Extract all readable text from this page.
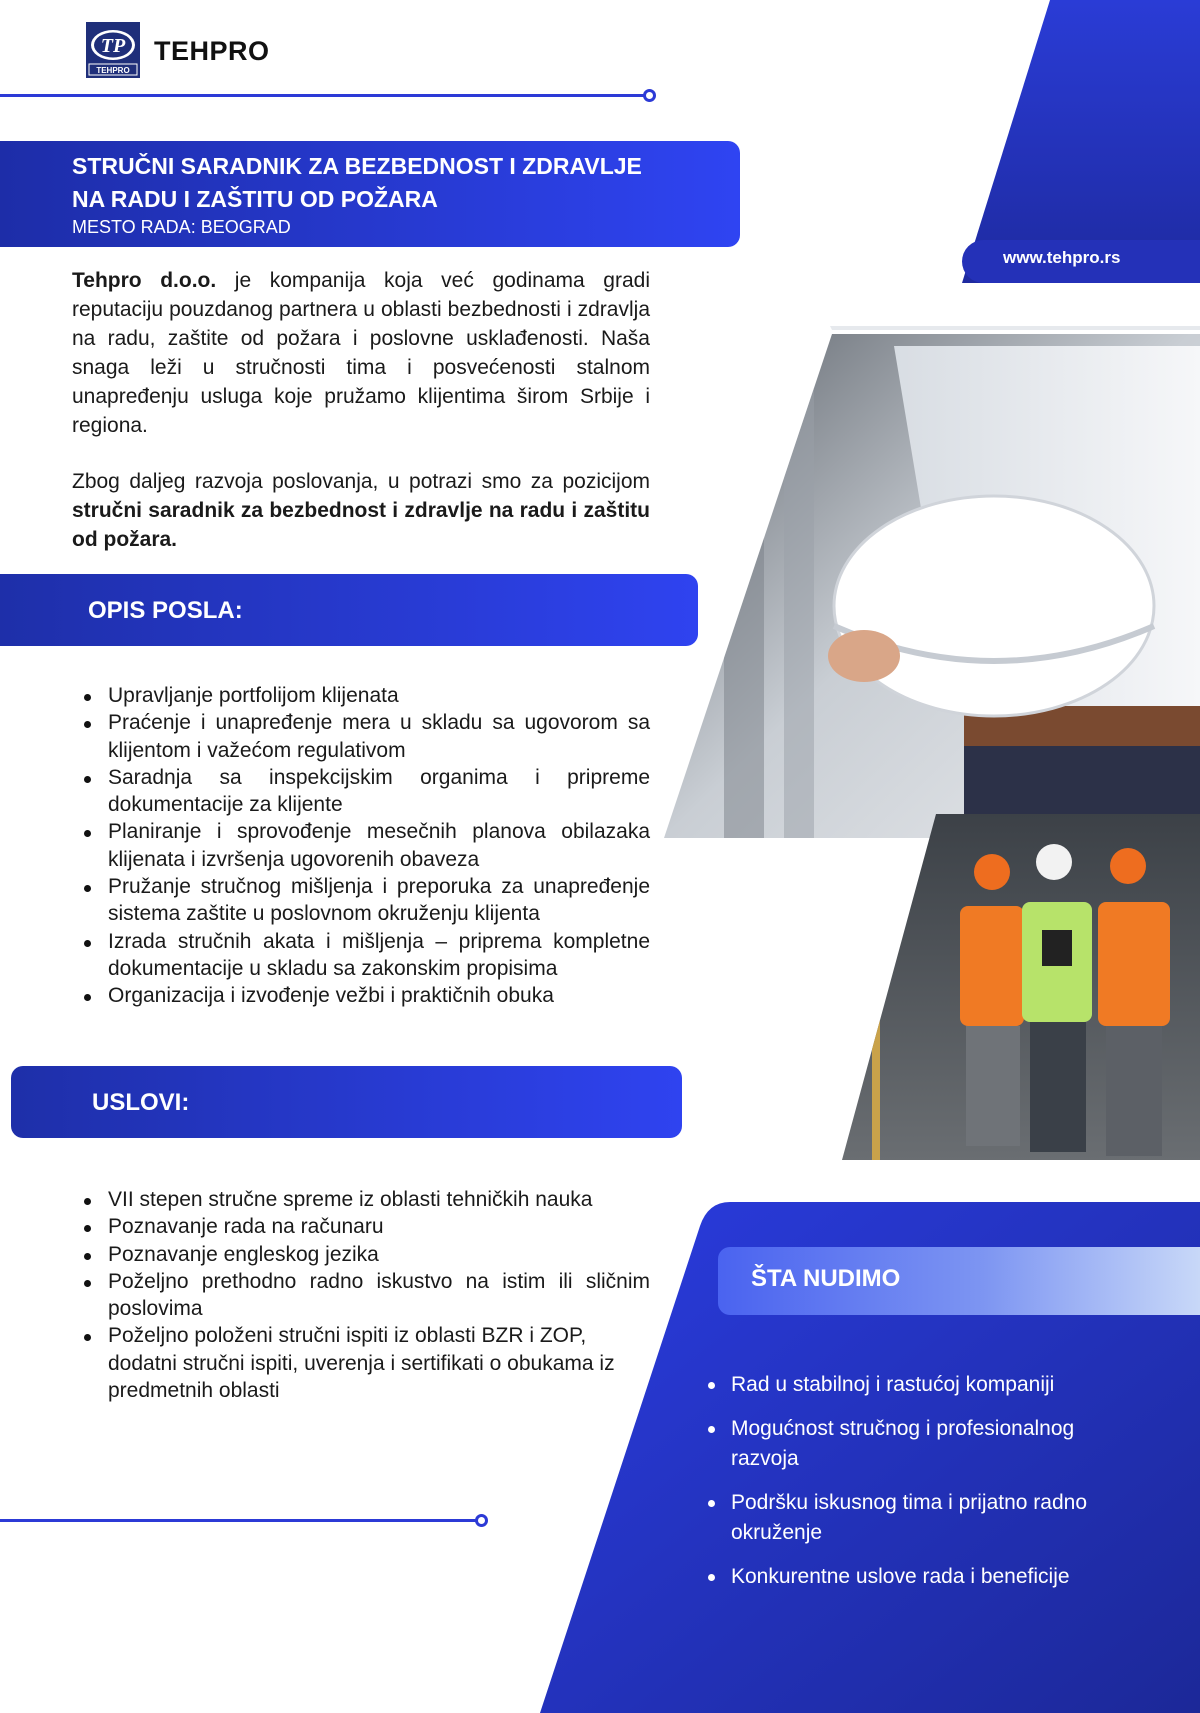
TP
TEHPRO
TEHPRO
www.tehpro.rs
STRUČNI SARADNIK ZA BEZBEDNOST I ZDRAVLJE
NA RADU I ZAŠTITU OD POŽARA
MESTO RADA: BEOGRAD

Tehpro d.o.o. je kompanija koja već godinama gradi reputaciju pouzdanog partnera u oblasti bezbednosti i zdravlja na radu, zaštite od požara i poslovne usklađenosti. Naša snaga leži u stručnosti tima i posvećenosti stalnom unapređenju usluga koje pružamo klijentima širom Srbije i regiona.

Zbog daljeg razvoja poslovanja, u potrazi smo za pozicijom stručni saradnik za bezbednost i zdravlje na radu i zaštitu od požara.

OPIS POSLA:
Upravljanje portfolijom klijenata
Praćenje i unapređenje mera u skladu sa ugovorom sa klijentom i važećom regulativom
Saradnja sa inspekcijskim organima i pripreme dokumentacije za klijente
Planiranje i sprovođenje mesečnih planova obilazaka klijenata i izvršenja ugovorenih obaveza
Pružanje stručnog mišljenja i preporuka za unapređenje sistema zaštite u poslovnom okruženju klijenta
Izrada stručnih akata i mišljenja – priprema kompletne dokumentacije u skladu sa zakonskim propisima
Organizacija i izvođenje vežbi i praktičnih obuka
USLOVI:
VII stepen stručne spreme iz oblasti tehničkih nauka
Poznavanje rada na računaru
Poznavanje engleskog jezika
Poželjno prethodno radno iskustvo na istim ili sličnim poslovima
Poželjno položeni stručni ispiti iz oblasti BZR i ZOP, dodatni stručni ispiti, uverenja i sertifikati o obukama iz predmetnih oblasti
ŠTA NUDIMO
Rad u stabilnoj i rastućoj kompaniji
Mogućnost stručnog i profesionalnog razvoja
Podršku iskusnog tima i prijatno radno okruženje
Konkurentne uslove rada i beneficije
